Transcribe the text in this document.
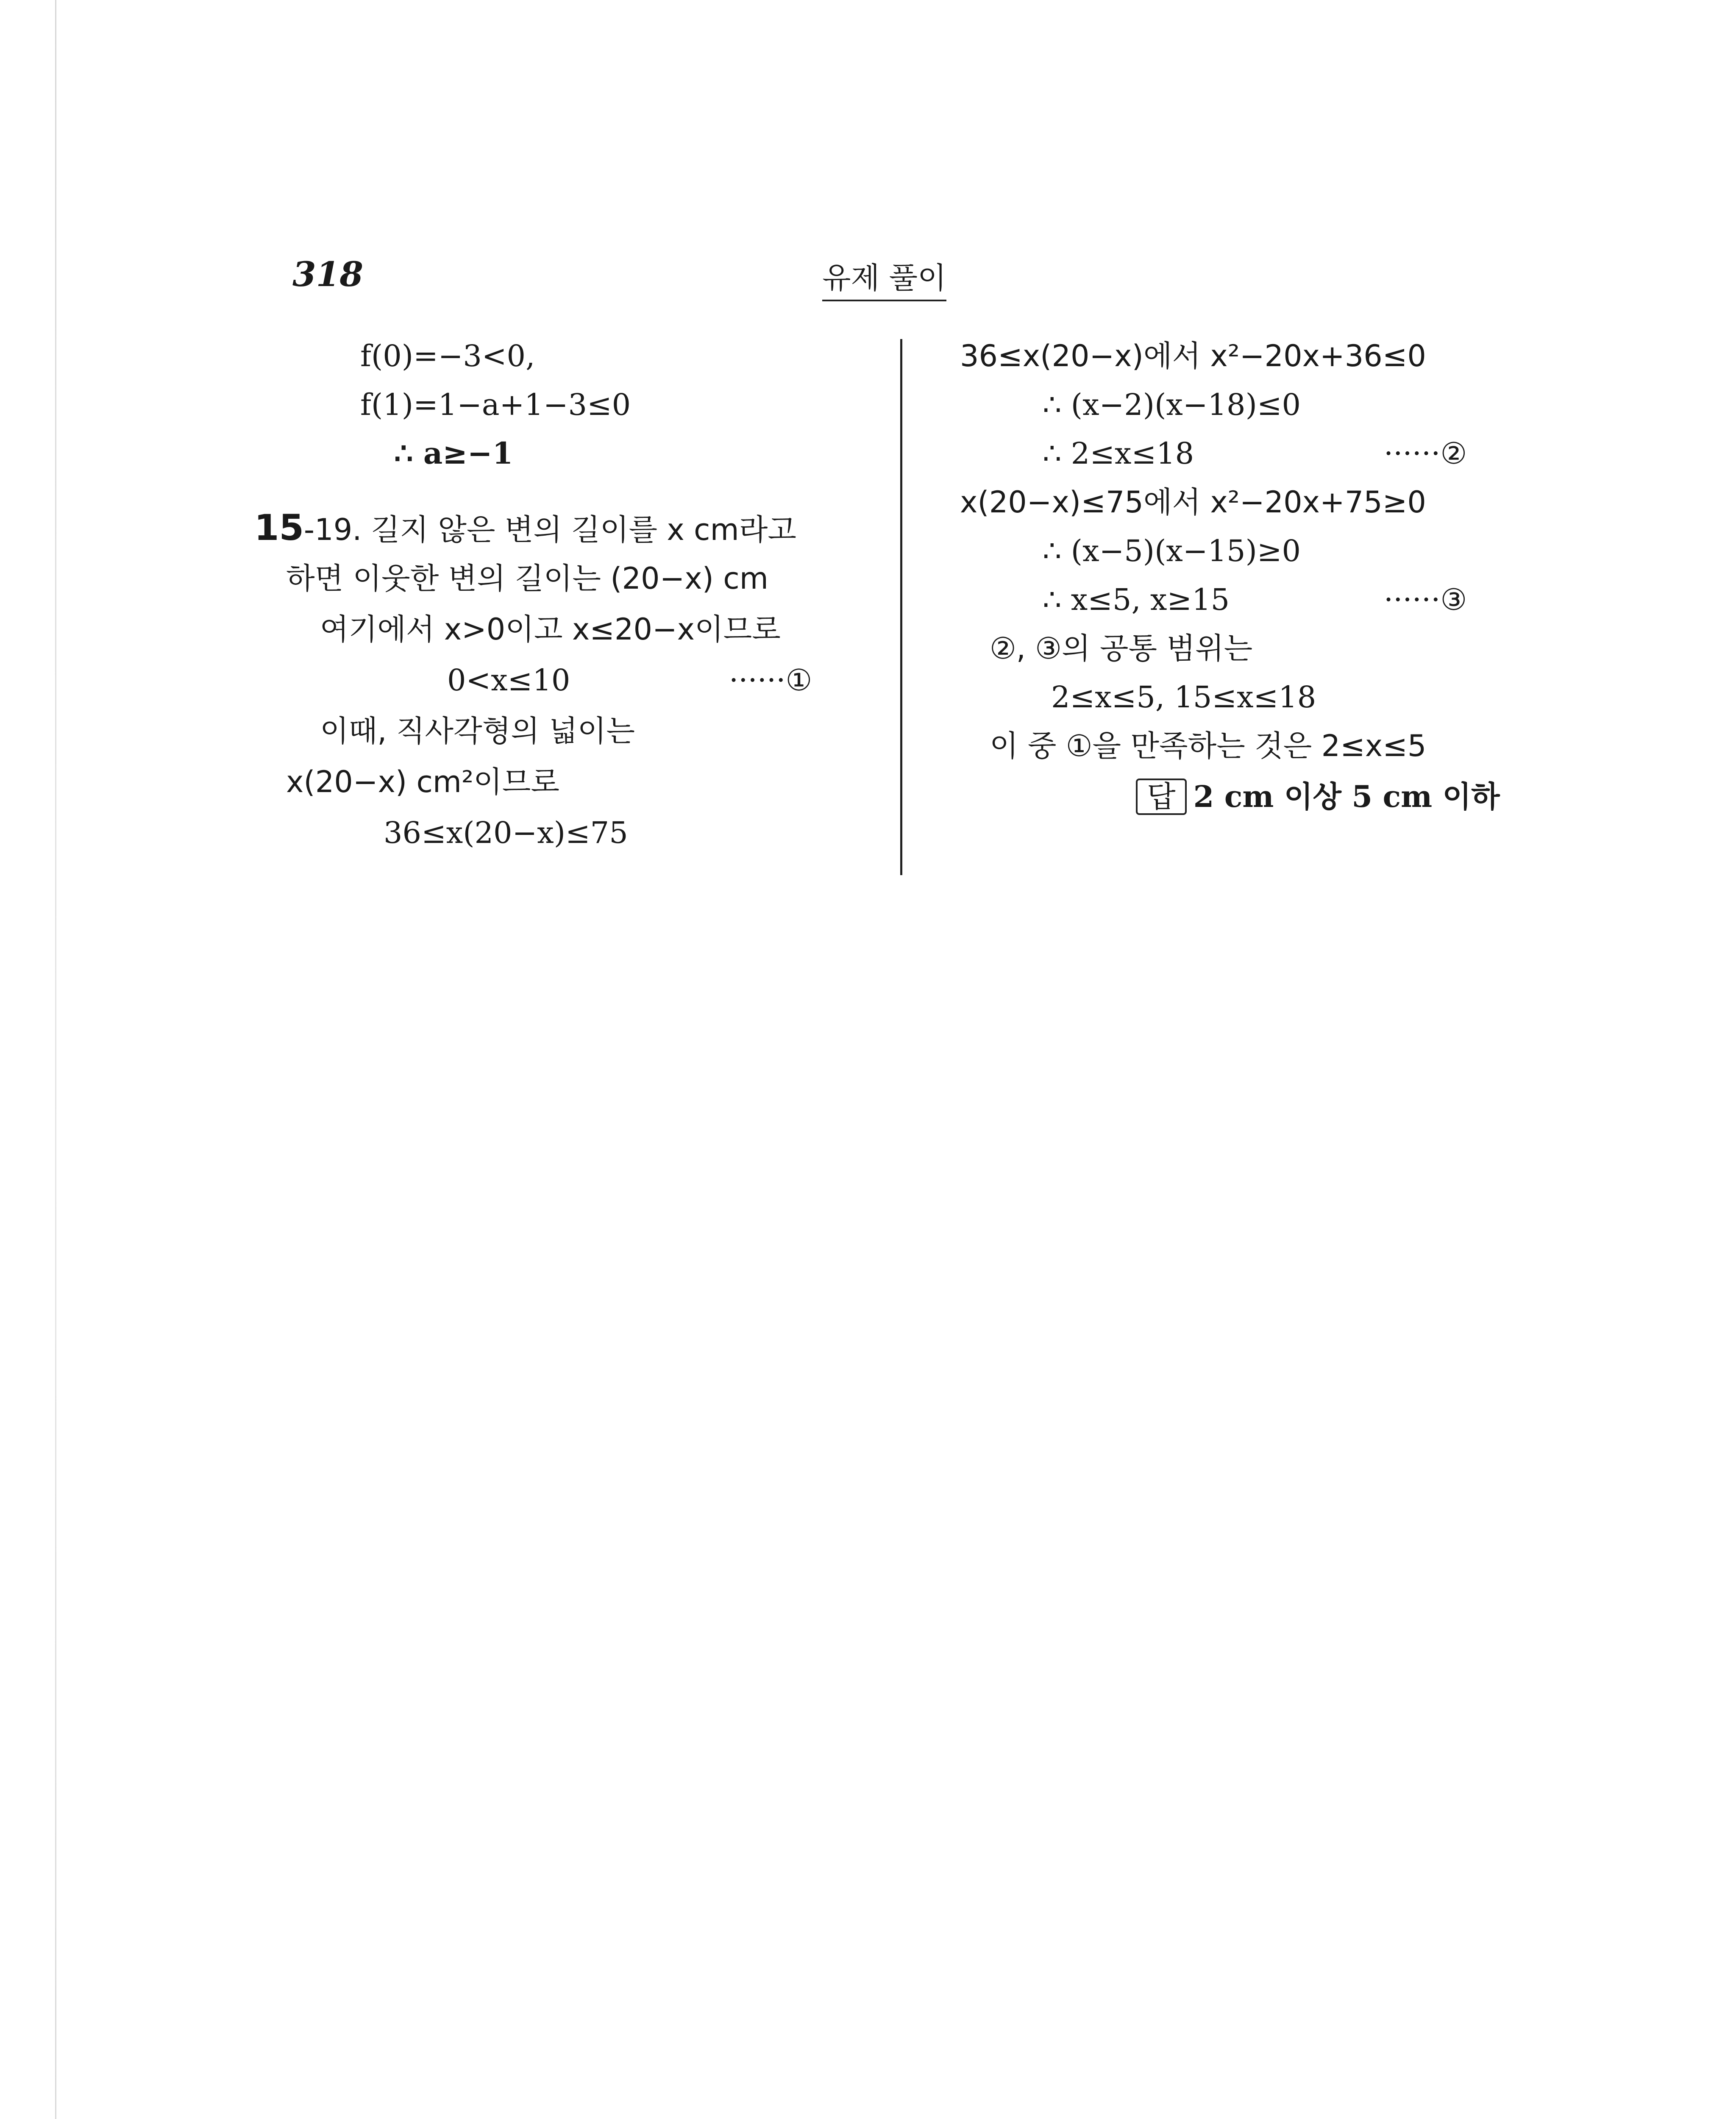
318	유제 풀이
f(0)=−3<0,
f(1)=1−a+1−3≤0
∴ a≥−1
15-19. 길지 않은 변의 길이를 x cm라고
하면 이웃한 변의 길이는 (20−x) cm
여기에서 x>0이고 x≤20−x이므로
0<x≤10	······①
이때, 직사각형의 넓이는
x(20−x) cm²이므로
36≤x(20−x)≤75
36≤x(20−x)에서 x²−20x+36≤0
∴ (x−2)(x−18)≤0
∴ 2≤x≤18	······②
x(20−x)≤75에서 x²−20x+75≥0
∴ (x−5)(x−15)≥0
∴ x≤5, x≥15	······③
②, ③의 공통 범위는
2≤x≤5, 15≤x≤18
이 중 ①을 만족하는 것은 2≤x≤5
답 2 cm 이상 5 cm 이하
